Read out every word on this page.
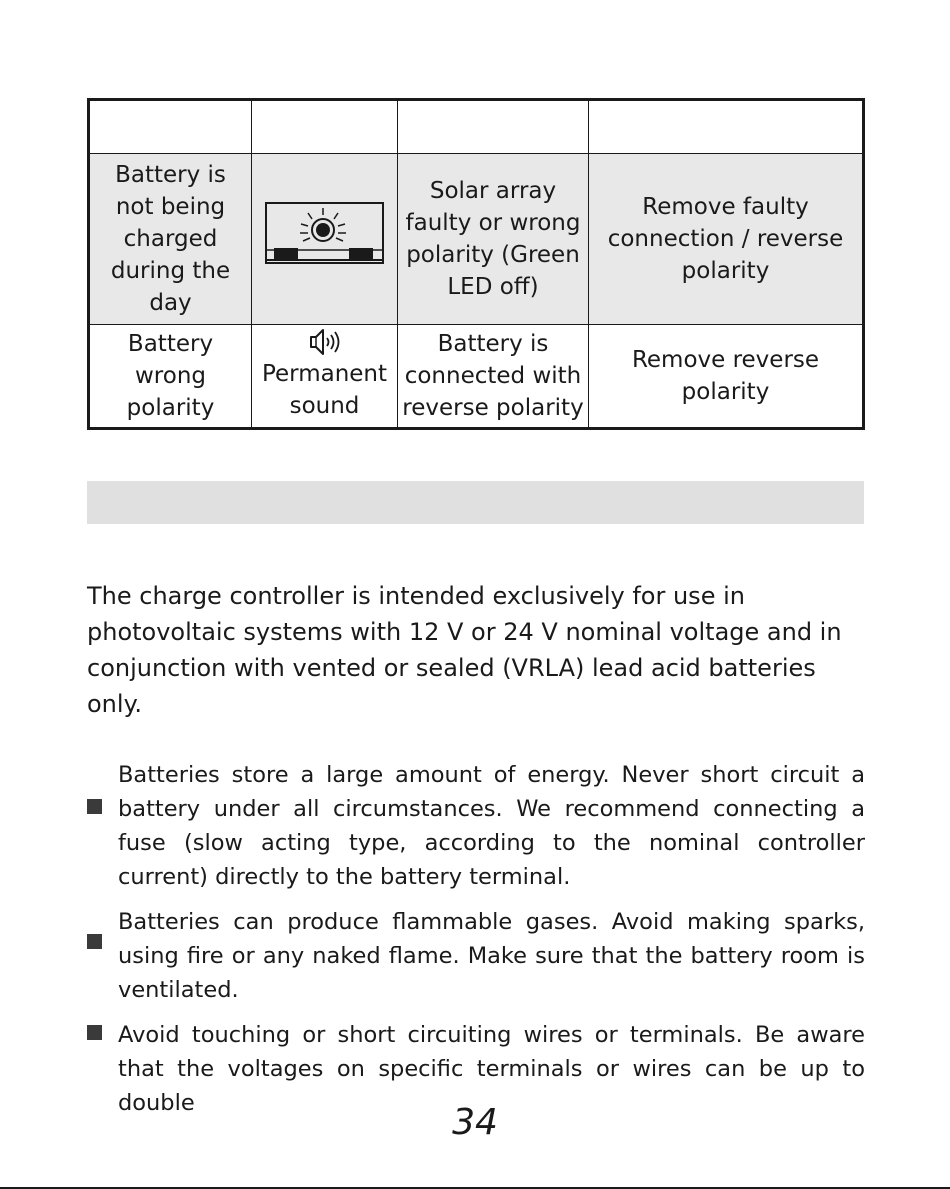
Battery is not being charged during the day		Solar array faulty or wrong polarity (Green LED off)	Remove faulty connection / reverse polarity

Battery wrong polarity	Permanent sound	Battery is connected with reverse polarity	Remove reverse polarity

The charge controller is intended exclusively for use in photovoltaic systems with 12 V or 24 V nominal voltage and in conjunction with vented or sealed (VRLA) lead acid batteries only.

Batteries store a large amount of energy. Never short circuit a battery under all circumstances. We recommend connecting a fuse (slow acting type, according to the nominal controller current) directly to the battery terminal.
Batteries can produce flammable gases. Avoid making sparks, using fire or any naked flame. Make sure that the battery room is ventilated.
Avoid touching or short circuiting wires or terminals. Be aware that the voltages on specific terminals or wires can be up to double	34
